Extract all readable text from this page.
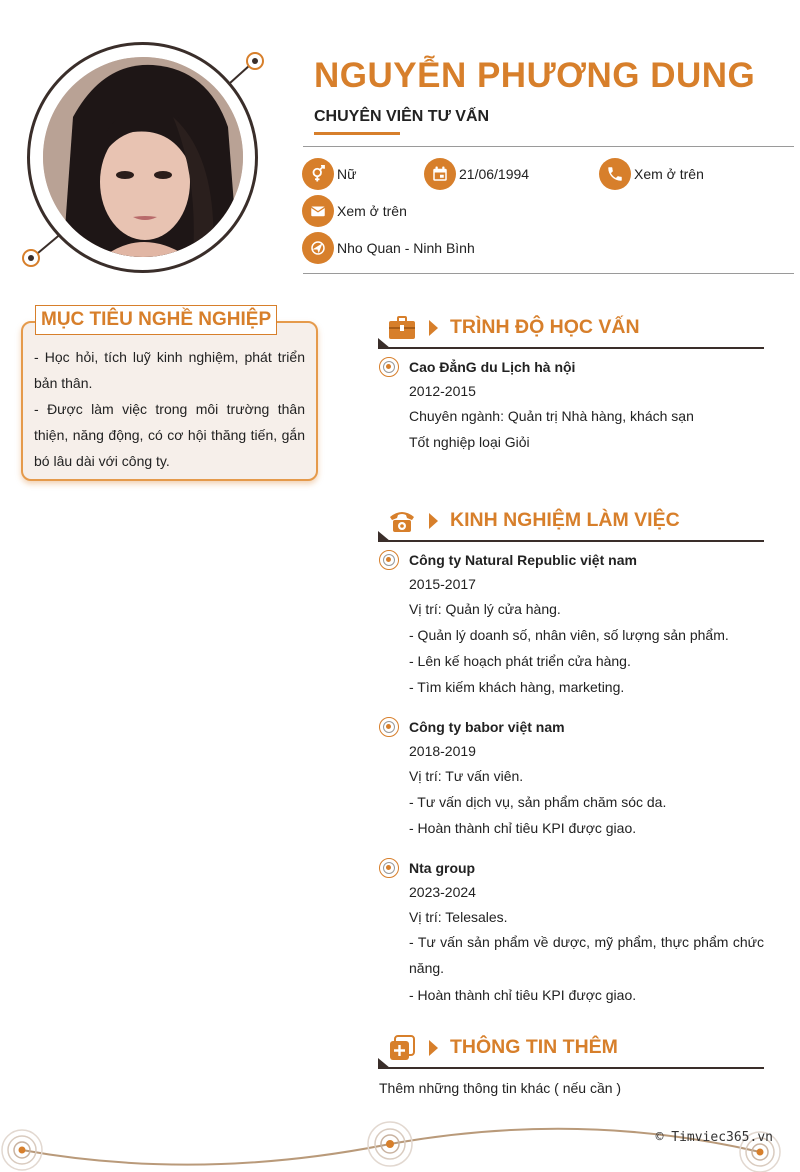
NGUYỄN PHƯƠNG DUNG
CHUYÊN VIÊN TƯ VẤN
Nữ	21/06/1994	Xem ở trên
Xem ở trên
Nho Quan - Ninh Bình
MỤC TIÊU NGHỀ NGHIỆP
- Học hỏi, tích luỹ kinh nghiệm, phát triển bản thân.
- Được làm việc trong môi trường thân thiện, năng động, có cơ hội thăng tiến, gắn bó lâu dài với công ty.
TRÌNH ĐỘ HỌC VẤN
Cao ĐẳnG du Lịch hà nội
2012-2015
Chuyên ngành: Quản trị Nhà hàng, khách sạn
Tốt nghiệp loại Giỏi
KINH NGHIỆM LÀM VIỆC
Công ty Natural Republic việt nam
2015-2017
Vị trí: Quản lý cửa hàng.
- Quản lý doanh số, nhân viên, số lượng sản phẩm.
- Lên kế hoạch phát triển cửa hàng.
- Tìm kiếm khách hàng, marketing.
Công ty babor việt nam
2018-2019
Vị trí: Tư vấn viên.
- Tư vấn dịch vụ, sản phẩm chăm sóc da.
- Hoàn thành chỉ tiêu KPI được giao.
Nta group
2023-2024
Vị trí: Telesales.
- Tư vấn sản phẩm về dược, mỹ phẩm, thực phẩm chức năng.
- Hoàn thành chỉ tiêu KPI được giao.
THÔNG TIN THÊM
Thêm những thông tin khác ( nếu cần )
© Timviec365.vn
